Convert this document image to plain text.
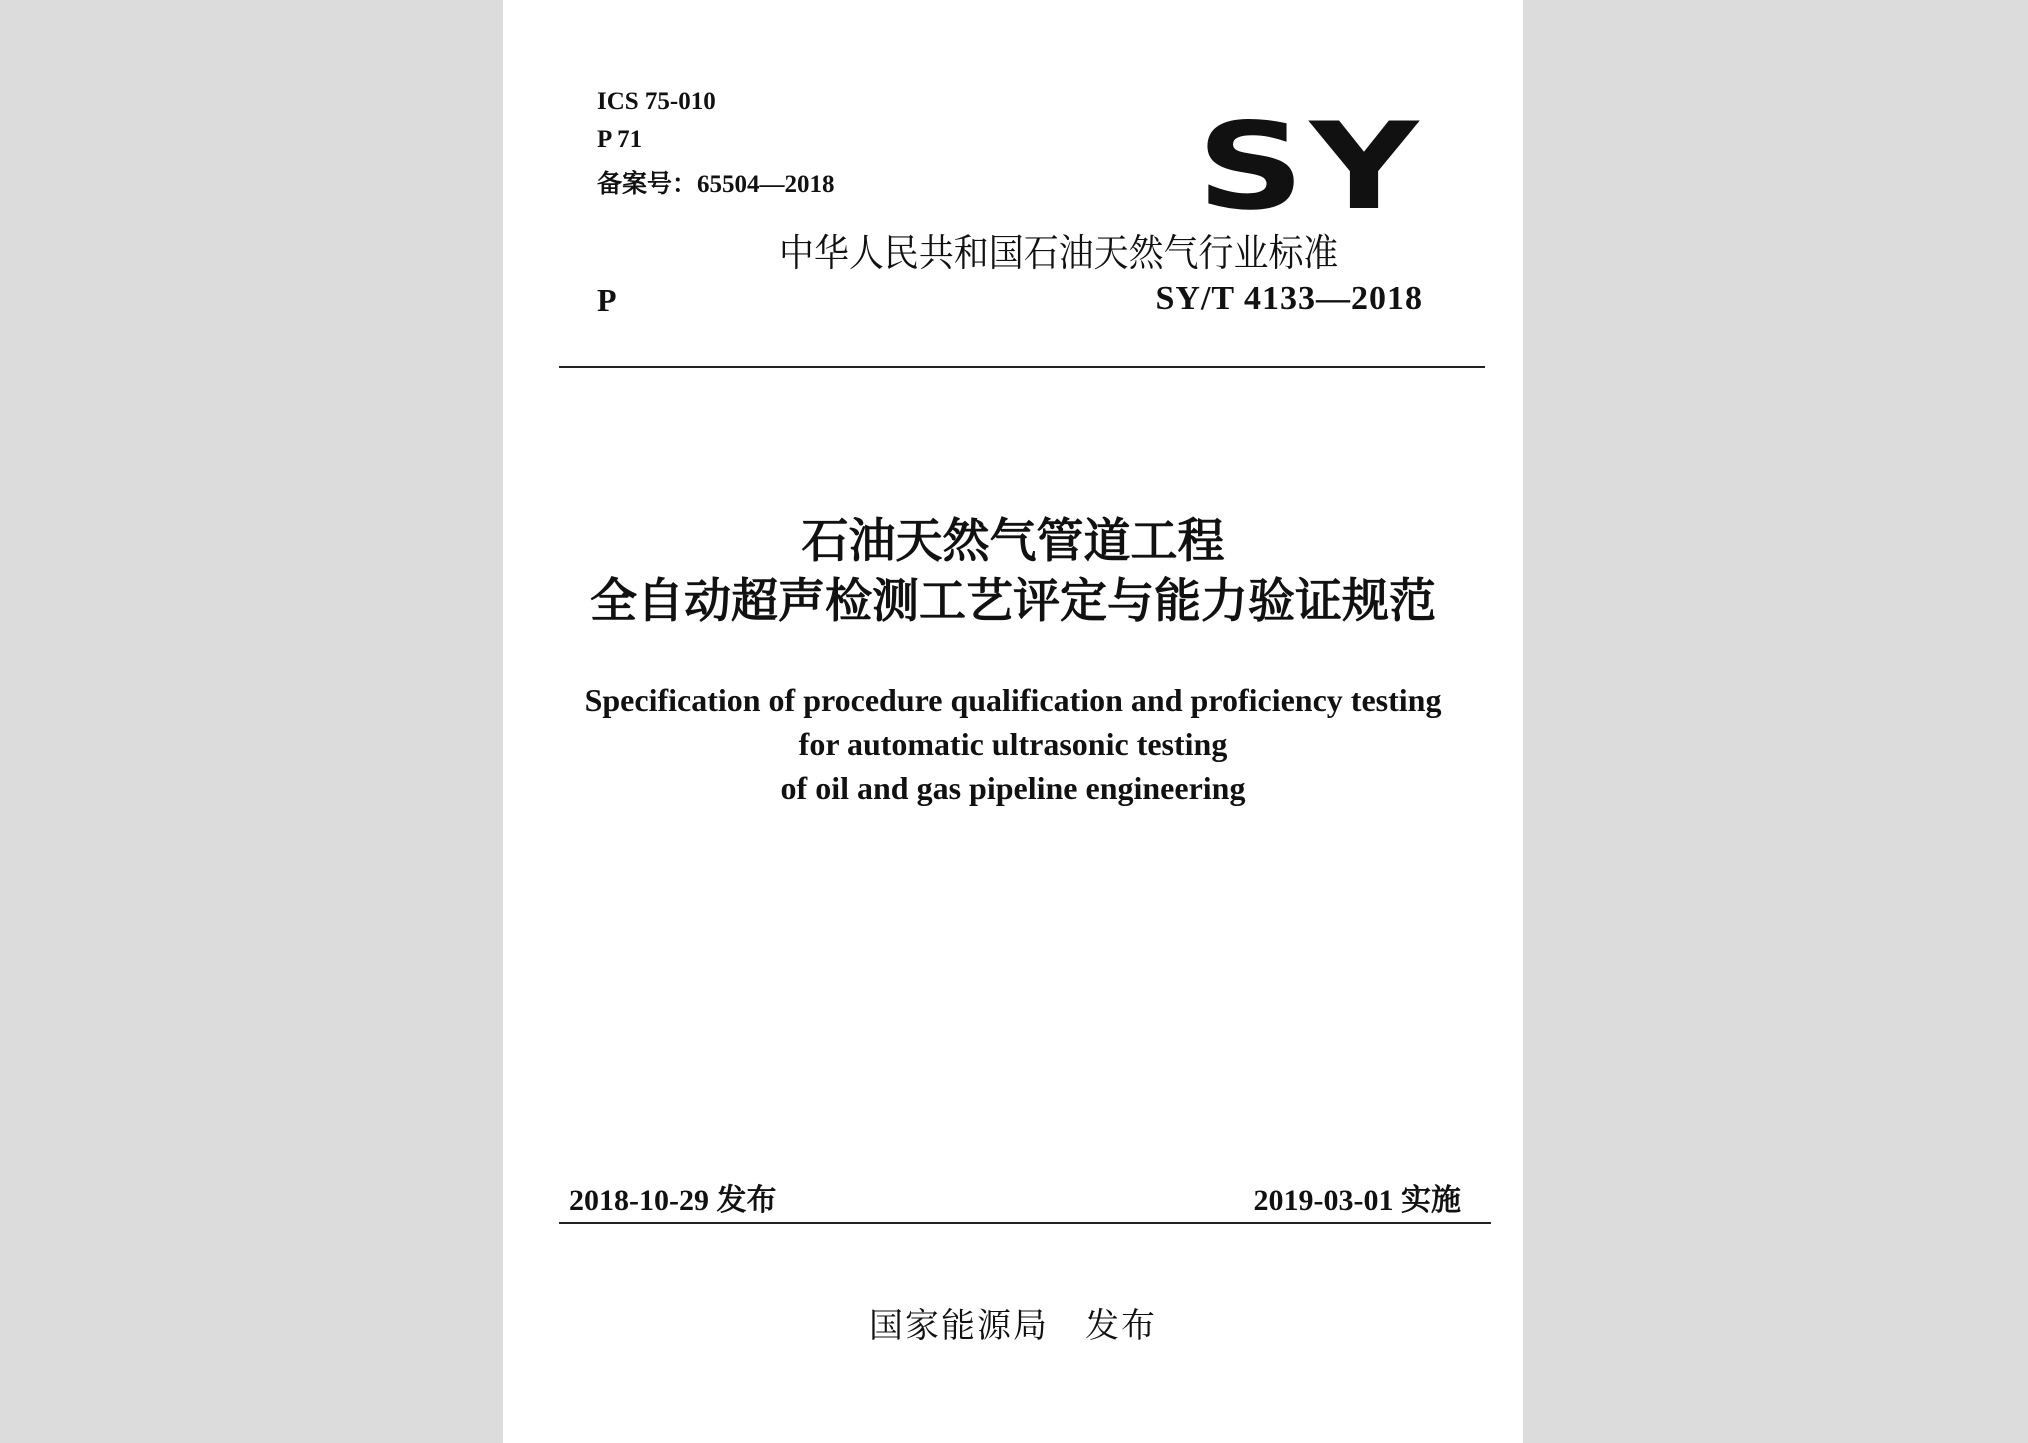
ICS 75-010
P 71
备案号：65504—2018	SY
中华人民共和国石油天然气行业标准
P	SY/T 4133—2018
石油天然气管道工程
全自动超声检测工艺评定与能力验证规范
Specification of procedure qualification and proficiency testing
for automatic ultrasonic testing
of oil and gas pipeline engineering
2018-10-29 发布	2019-03-01 实施
国家能源局　发布
